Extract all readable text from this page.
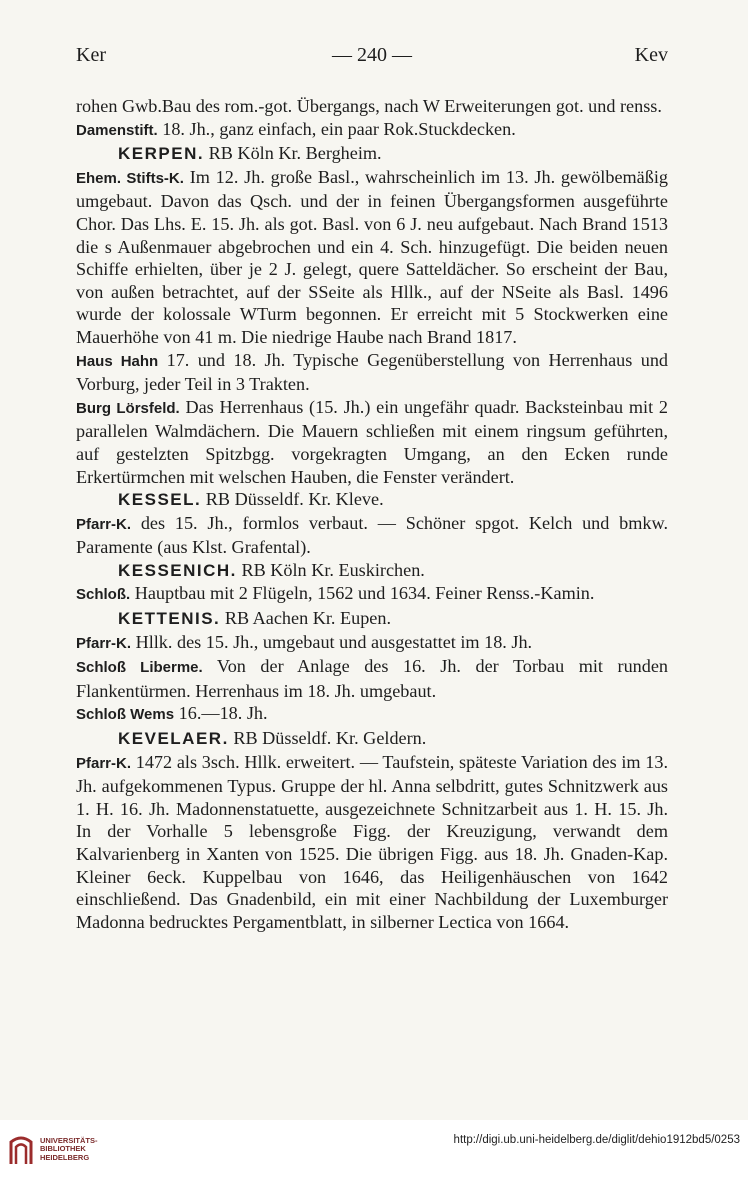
Ker	— 240 —	Kev

rohen Gwb.Bau des rom.-got. Übergangs, nach W Erweiterungen got. und renss.

Damenstift. 18. Jh., ganz einfach, ein paar Rok.Stuckdecken.

KERPEN. RB Köln Kr. Bergheim.

Ehem. Stifts-K. Im 12. Jh. große Basl., wahrscheinlich im 13. Jh. gewölbemäßig umgebaut. Davon das Qsch. und der in feinen Übergangsformen ausgeführte Chor. Das Lhs. E. 15. Jh. als got. Basl. von 6 J. neu aufgebaut. Nach Brand 1513 die s Außenmauer abgebrochen und ein 4. Sch. hinzugefügt. Die beiden neuen Schiffe erhielten, über je 2 J. gelegt, quere Satteldächer. So erscheint der Bau, von außen betrachtet, auf der SSeite als Hllk., auf der NSeite als Basl. 1496 wurde der kolossale WTurm begonnen. Er erreicht mit 5 Stockwerken eine Mauerhöhe von 41 m. Die niedrige Haube nach Brand 1817.

Haus Hahn 17. und 18. Jh. Typische Gegenüberstellung von Herrenhaus und Vorburg, jeder Teil in 3 Trakten.

Burg Lörsfeld. Das Herrenhaus (15. Jh.) ein ungefähr quadr. Backsteinbau mit 2 parallelen Walmdächern. Die Mauern schließen mit einem ringsum geführten, auf gestelzten Spitzbgg. vorgekragten Umgang, an den Ecken runde Erkertürmchen mit welschen Hauben, die Fenster verändert.

KESSEL. RB Düsseldf. Kr. Kleve.

Pfarr-K. des 15. Jh., formlos verbaut. — Schöner spgot. Kelch und bmkw. Paramente (aus Klst. Grafental).

KESSENICH. RB Köln Kr. Euskirchen.

Schloß. Hauptbau mit 2 Flügeln, 1562 und 1634. Feiner Renss.-Kamin.

KETTENIS. RB Aachen Kr. Eupen.

Pfarr-K. Hllk. des 15. Jh., umgebaut und ausgestattet im 18. Jh.

Schloß Liberme. Von der Anlage des 16. Jh. der Torbau mit runden Flankentürmen. Herrenhaus im 18. Jh. umgebaut.

Schloß Wems 16.—18. Jh.

KEVELAER. RB Düsseldf. Kr. Geldern.

Pfarr-K. 1472 als 3sch. Hllk. erweitert. — Taufstein, späteste Variation des im 13. Jh. aufgekommenen Typus. Gruppe der hl. Anna selbdritt, gutes Schnitzwerk aus 1. H. 16. Jh. Madonnenstatuette, ausgezeichnete Schnitzarbeit aus 1. H. 15. Jh. In der Vorhalle 5 lebensgroße Figg. der Kreuzigung, verwandt dem Kalvarienberg in Xanten von 1525. Die übrigen Figg. aus 18. Jh. Gnaden-Kap. Kleiner 6eck. Kuppelbau von 1646, das Heiligenhäuschen von 1642 einschließend. Das Gnadenbild, ein mit einer Nachbildung der Luxemburger Madonna bedrucktes Pergamentblatt, in silberner Lectica von 1664.

UNIVERSITÄTS-
BIBLIOTHEK
HEIDELBERG
http://digi.ub.uni-heidelberg.de/diglit/dehio1912bd5/0253
